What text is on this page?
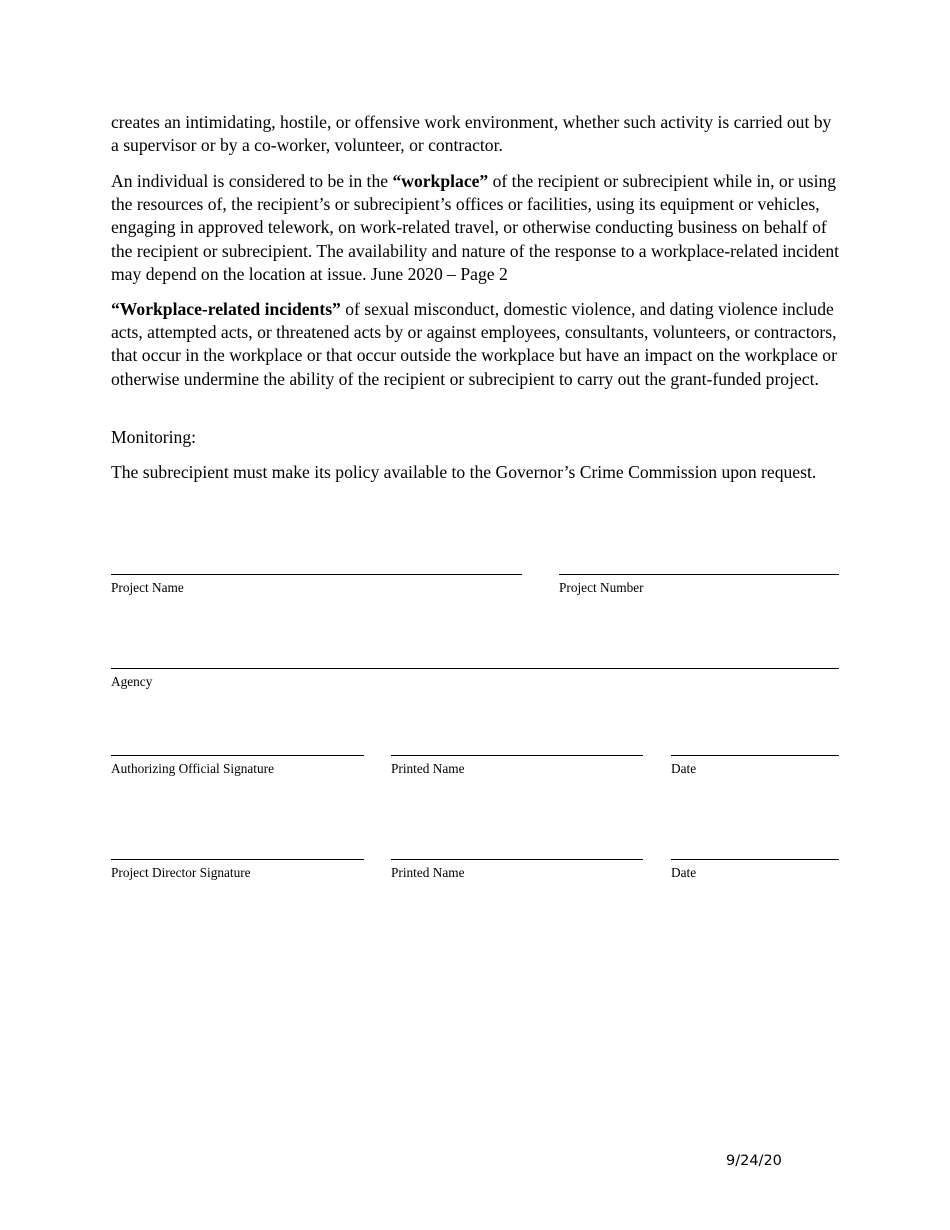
creates an intimidating, hostile, or offensive work environment, whether such activity is carried out by a supervisor or by a co-worker, volunteer, or contractor.

An individual is considered to be in the “workplace” of the recipient or subrecipient while in, or using the resources of, the recipient’s or subrecipient’s offices or facilities, using its equipment or vehicles, engaging in approved telework, on work-related travel, or otherwise conducting business on behalf of the recipient or subrecipient. The availability and nature of the response to a workplace-related incident may depend on the location at issue. June 2020 – Page 2

“Workplace-related incidents” of sexual misconduct, domestic violence, and dating violence include acts, attempted acts, or threatened acts by or against employees, consultants, volunteers, or contractors, that occur in the workplace or that occur outside the workplace but have an impact on the workplace or otherwise undermine the ability of the recipient or subrecipient to carry out the grant-funded project.

Monitoring:

The subrecipient must make its policy available to the Governor’s Crime Commission upon request.

Project Name	Project Number
Agency
Authorizing Official Signature	Printed Name	Date
Project Director Signature	Printed Name	Date
9/24/20
